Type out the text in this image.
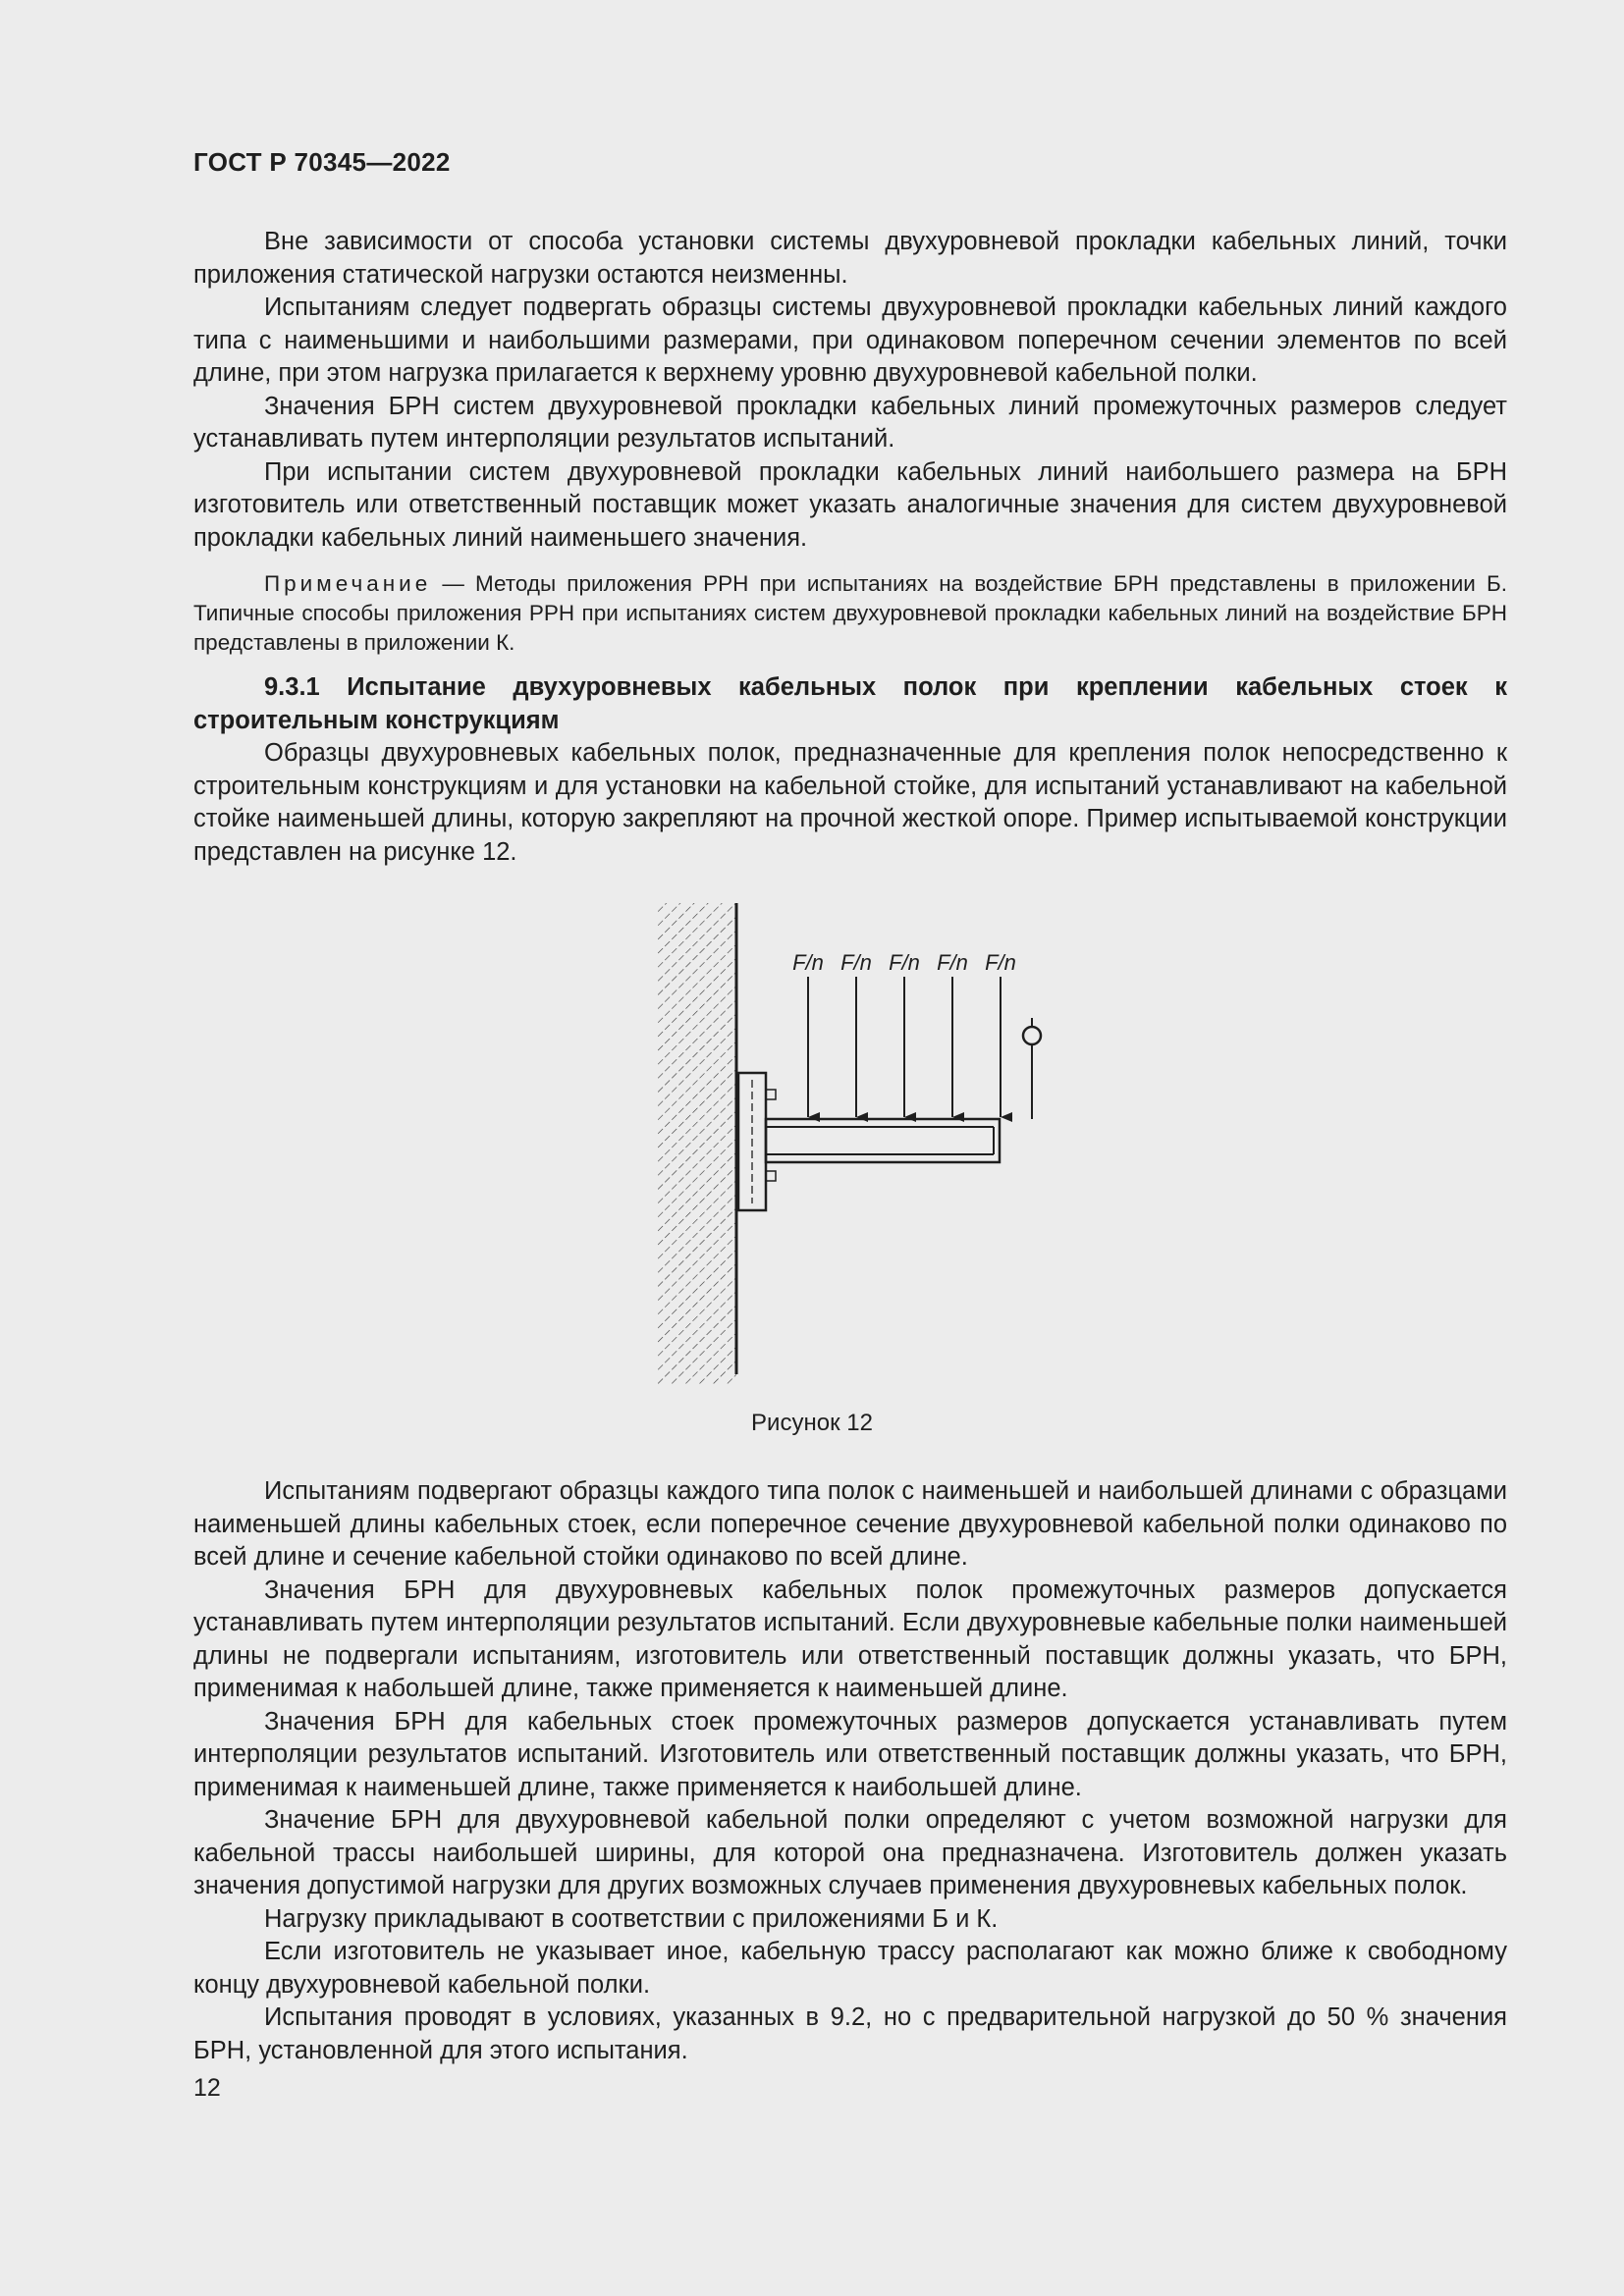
ГОСТ Р 70345—2022

Вне зависимости от способа установки системы двухуровневой прокладки кабельных линий, точки приложения статической нагрузки остаются неизменны.

Испытаниям следует подвергать образцы системы двухуровневой прокладки кабельных линий каждого типа с наименьшими и наибольшими размерами, при одинаковом поперечном сечении элементов по всей длине, при этом нагрузка прилагается к верхнему уровню двухуровневой кабельной полки.

Значения БРН систем двухуровневой прокладки кабельных линий промежуточных размеров следует устанавливать путем интерполяции результатов испытаний.

При испытании систем двухуровневой прокладки кабельных линий наибольшего размера на БРН изготовитель или ответственный поставщик может указать аналогичные значения для систем двухуровневой прокладки кабельных линий наименьшего значения.

Примечание — Методы приложения РРН при испытаниях на воздействие БРН представлены в приложении Б. Типичные способы приложения РРН при испытаниях систем двухуровневой прокладки кабельных линий на воздействие БРН представлены в приложении К.

9.3.1 Испытание двухуровневых кабельных полок при креплении кабельных стоек к строительным конструкциям

Образцы двухуровневых кабельных полок, предназначенные для крепления полок непосредственно к строительным конструкциям и для установки на кабельной стойке, для испытаний устанавливают на кабельной стойке наименьшей длины, которую закрепляют на прочной жесткой опоре. Пример испытываемой конструкции представлен на рисунке 12.

F/n F/n F/n F/n F/n
Рисунок 12

Испытаниям подвергают образцы каждого типа полок с наименьшей и наибольшей длинами с образцами наименьшей длины кабельных стоек, если поперечное сечение двухуровневой кабельной полки одинаково по всей длине и сечение кабельной стойки одинаково по всей длине.

Значения БРН для двухуровневых кабельных полок промежуточных размеров допускается устанавливать путем интерполяции результатов испытаний. Если двухуровневые кабельные полки наименьшей длины не подвергали испытаниям, изготовитель или ответственный поставщик должны указать, что БРН, применимая к набольшей длине, также применяется к наименьшей длине.

Значения БРН для кабельных стоек промежуточных размеров допускается устанавливать путем интерполяции результатов испытаний. Изготовитель или ответственный поставщик должны указать, что БРН, применимая к наименьшей длине, также применяется к наибольшей длине.

Значение БРН для двухуровневой кабельной полки определяют с учетом возможной нагрузки для кабельной трассы наибольшей ширины, для которой она предназначена. Изготовитель должен указать значения допустимой нагрузки для других возможных случаев применения двухуровневых кабельных полок.

Нагрузку прикладывают в соответствии с приложениями Б и К.

Если изготовитель не указывает иное, кабельную трассу располагают как можно ближе к свободному концу двухуровневой кабельной полки.

Испытания проводят в условиях, указанных в 9.2, но с предварительной нагрузкой до 50 % значения БРН, установленной для этого испытания.

12
